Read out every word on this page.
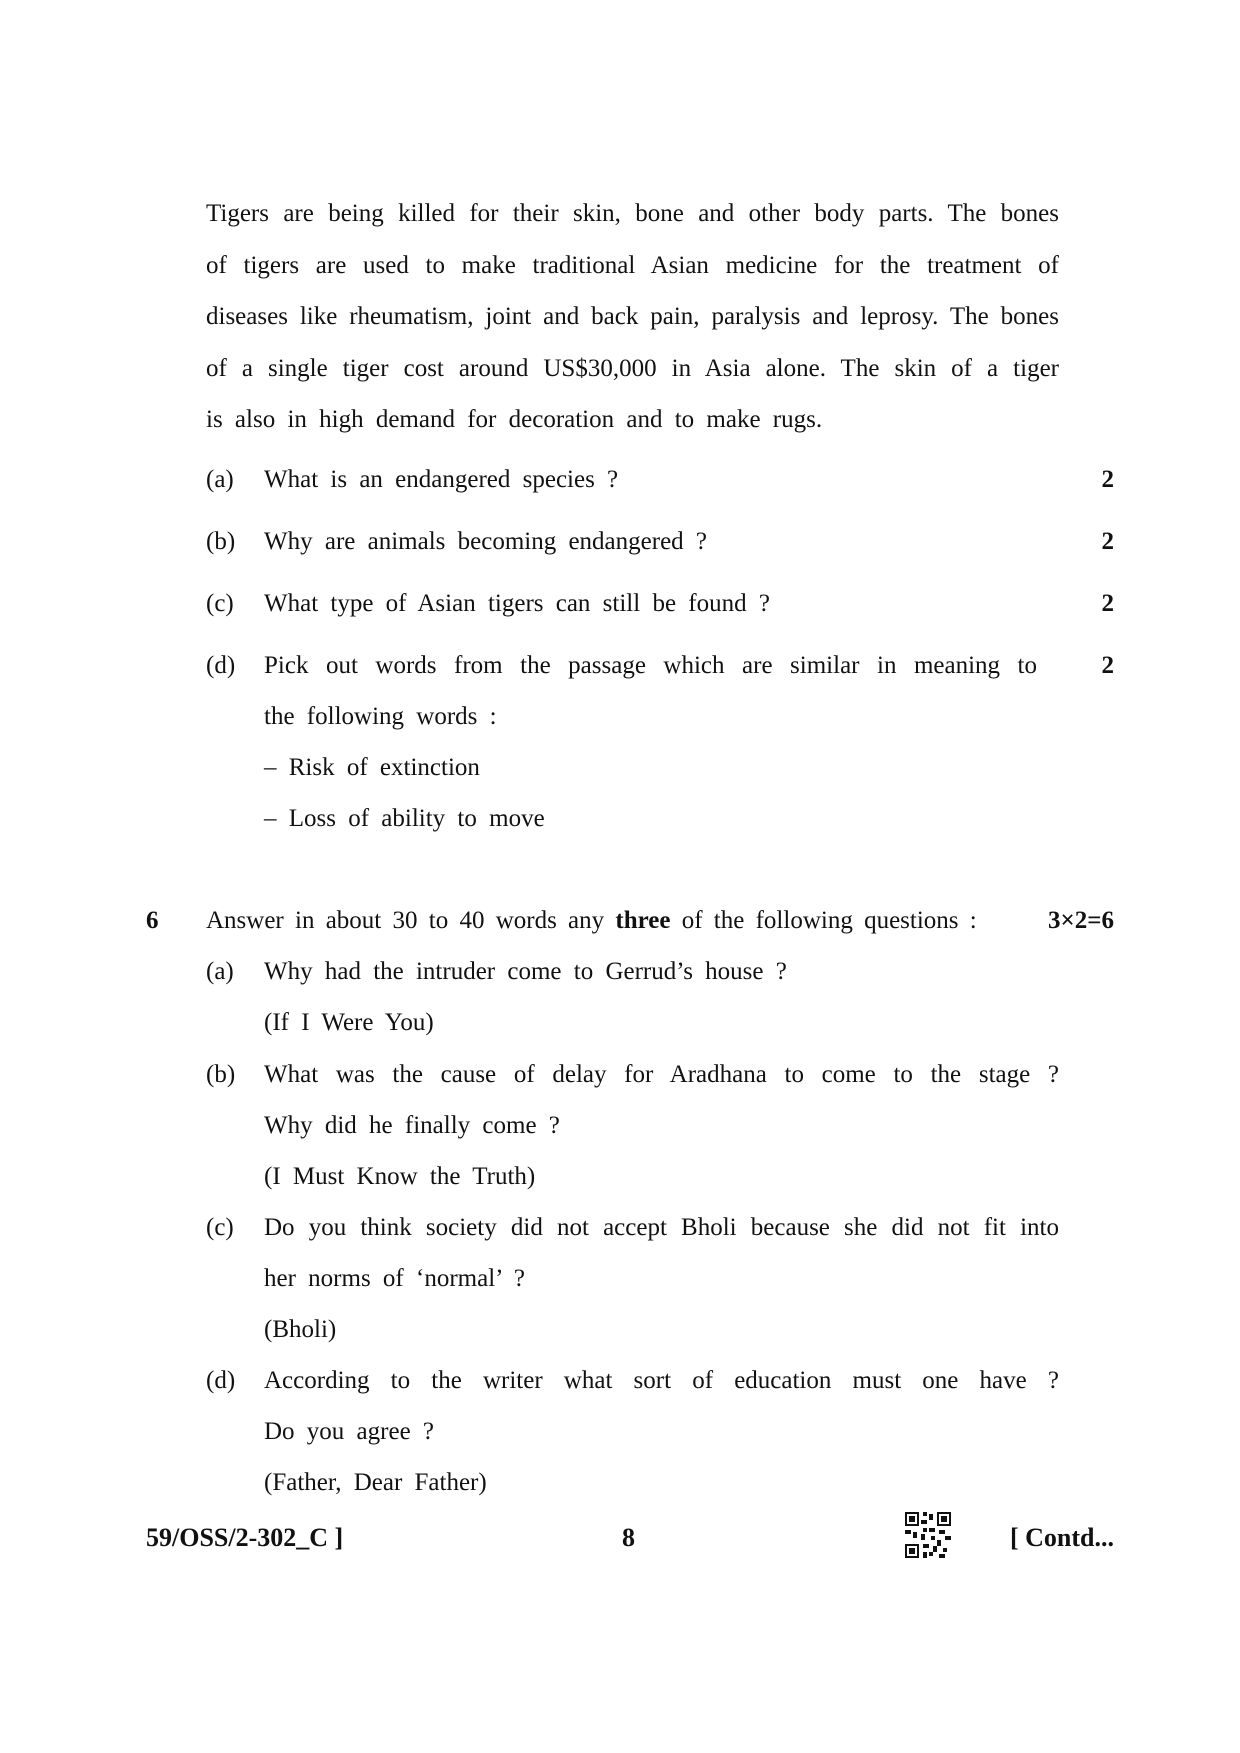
Tigers are being killed for their skin, bone and other body parts. The bones
of tigers are used to make traditional Asian medicine for the treatment of
diseases like rheumatism, joint and back pain, paralysis and leprosy. The bones
of a single tiger cost around US$30,000 in Asia alone. The skin of a tiger
is also in high demand for decoration and to make rugs.
(a) What is an endangered species ?	2
(b) Why are animals becoming endangered ?	2
(c) What type of Asian tigers can still be found ?	2
(d) Pick out words from the passage which are similar in meaning to	2
the following words :
– Risk of extinction
– Loss of ability to move
6 Answer in about 30 to 40 words any three of the following questions :	3×2=6
(a) Why had the intruder come to Gerrud’s house ?
(If I Were You)
(b) What was the cause of delay for Aradhana to come to the stage ?
Why did he finally come ?
(I Must Know the Truth)
(c) Do you think society did not accept Bholi because she did not fit into
her norms of ‘normal’ ?
(Bholi)
(d) According to the writer what sort of education must one have ?
Do you agree ?
(Father, Dear Father)
59/OSS/2-302_C ]	8	[ Contd...
